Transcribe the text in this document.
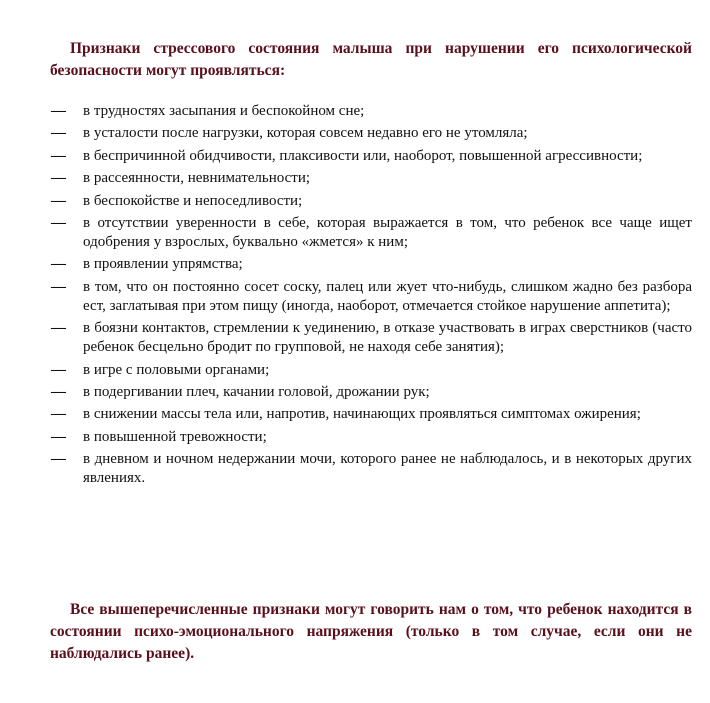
Признаки стрессового состояния малыша при нарушении его психологической безопасности могут проявляться:
— в трудностях засыпания и беспокойном сне;
— в усталости после нагрузки, которая совсем недавно его не утомляла;
— в беспричинной обидчивости, плаксивости или, наоборот, повышенной агрессивности;
— в рассеянности, невнимательности;
— в беспокойстве и непоседливости;
— в отсутствии уверенности в себе, которая выражается в том, что ребенок все чаще ищет одобрения у взрослых, буквально «жмется» к ним;
— в проявлении упрямства;
— в том, что он постоянно сосет соску, палец или жует что-нибудь, слишком жадно без разбора ест, заглатывая при этом пищу (иногда, наоборот, отмечается стойкое нарушение аппетита);
— в боязни контактов, стремлении к уединению, в отказе участвовать в играх сверстников (часто ребенок бесцельно бродит по групповой, не находя себе занятия);
— в игре с половыми органами;
— в подергивании плеч, качании головой, дрожании рук;
— в снижении массы тела или, напротив, начинающих проявляться симптомах ожирения;
— в повышенной тревожности;
— в дневном и ночном недержании мочи, которого ранее не наблюдалось, и в некоторых других явлениях.
Все вышеперечисленные признаки могут говорить нам о том, что ребенок находится в состоянии психо-эмоционального напряжения (только в том случае, если они не наблюдались ранее).
